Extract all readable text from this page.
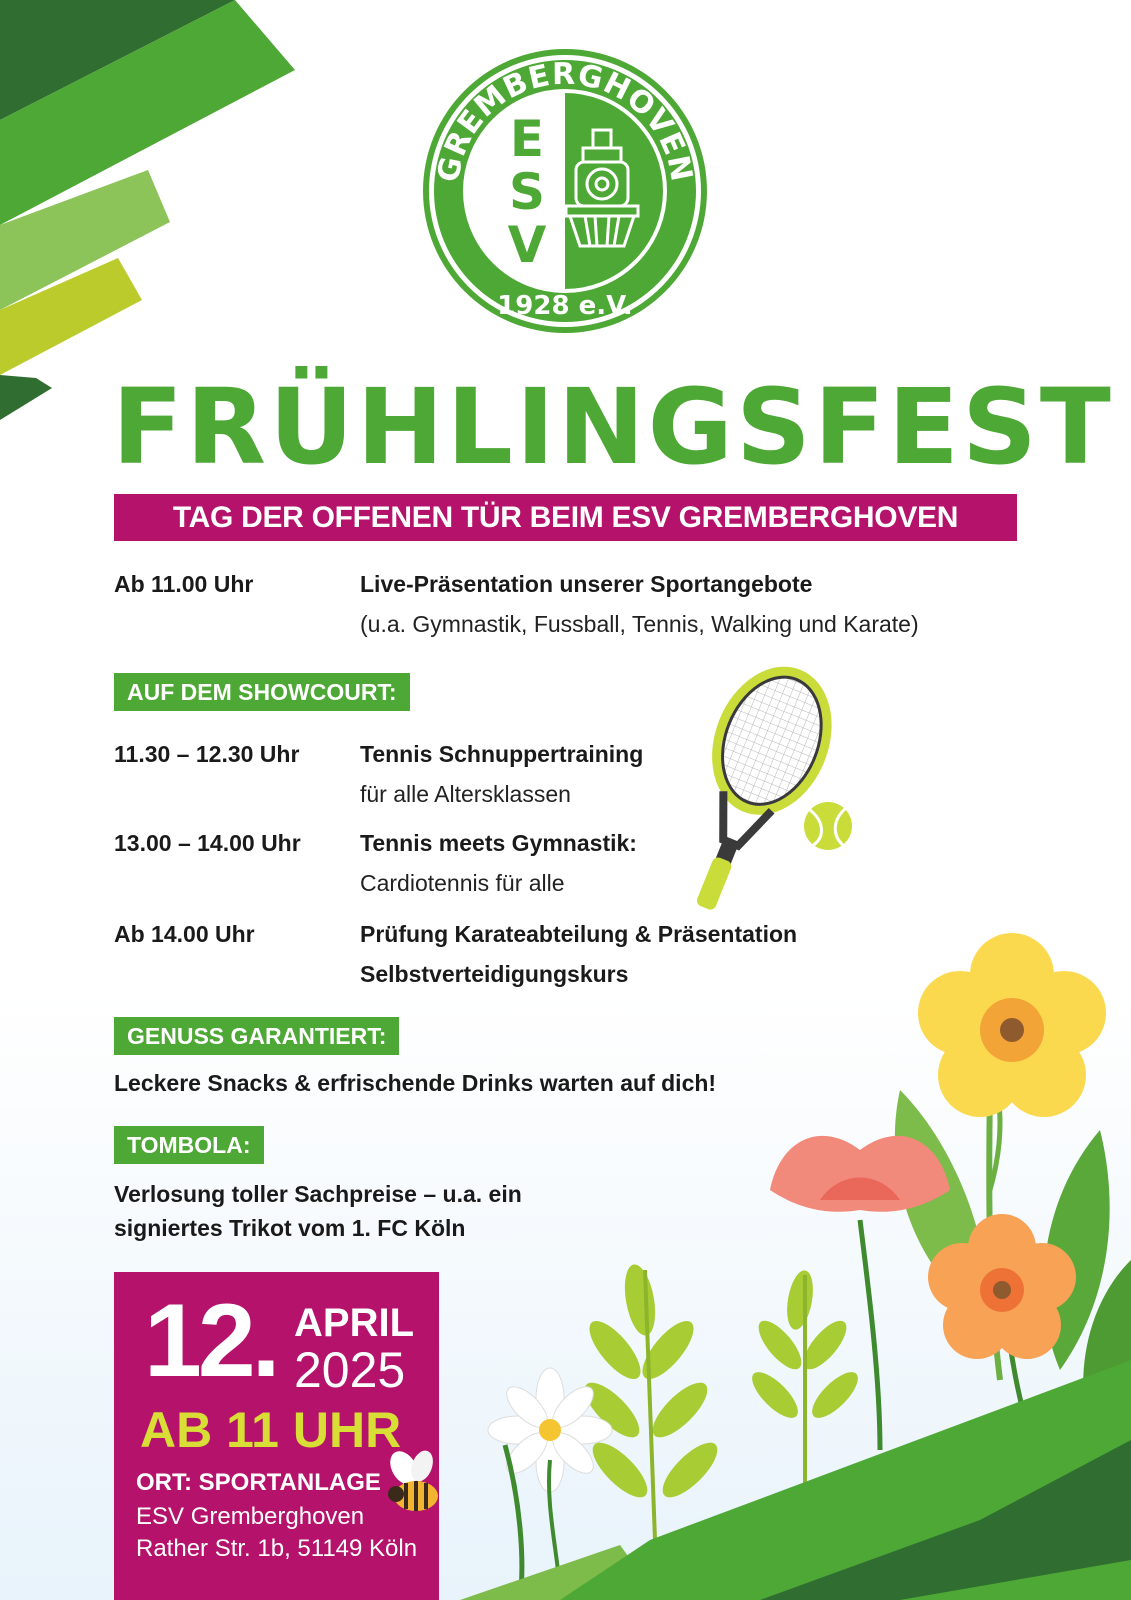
GREMBERGHOVEN
1928 e.V.
E
S
V
FRÜHLINGSFEST
TAG DER OFFENEN TÜR BEIM ESV GREMBERGHOVEN
Ab 11.00 Uhr	Live-Präsentation unserer Sportangebote
(u.a. Gymnastik, Fussball, Tennis, Walking und Karate)
AUF DEM SHOWCOURT:
11.30 – 12.30 Uhr	Tennis Schnuppertraining
für alle Altersklassen
13.00 – 14.00 Uhr	Tennis meets Gymnastik:
Cardiotennis für alle
Ab 14.00 Uhr	Prüfung Karateabteilung & Präsentation
Selbstverteidigungskurs
GENUSS GARANTIERT:
Leckere Snacks & erfrischende Drinks warten auf dich!
TOMBOLA:
Verlosung toller Sachpreise – u.a. ein
signiertes Trikot vom 1. FC Köln
12. APRIL
2025
AB 11 UHR
ORT: SPORTANLAGE
ESV Gremberghoven
Rather Str. 1b, 51149 Köln
